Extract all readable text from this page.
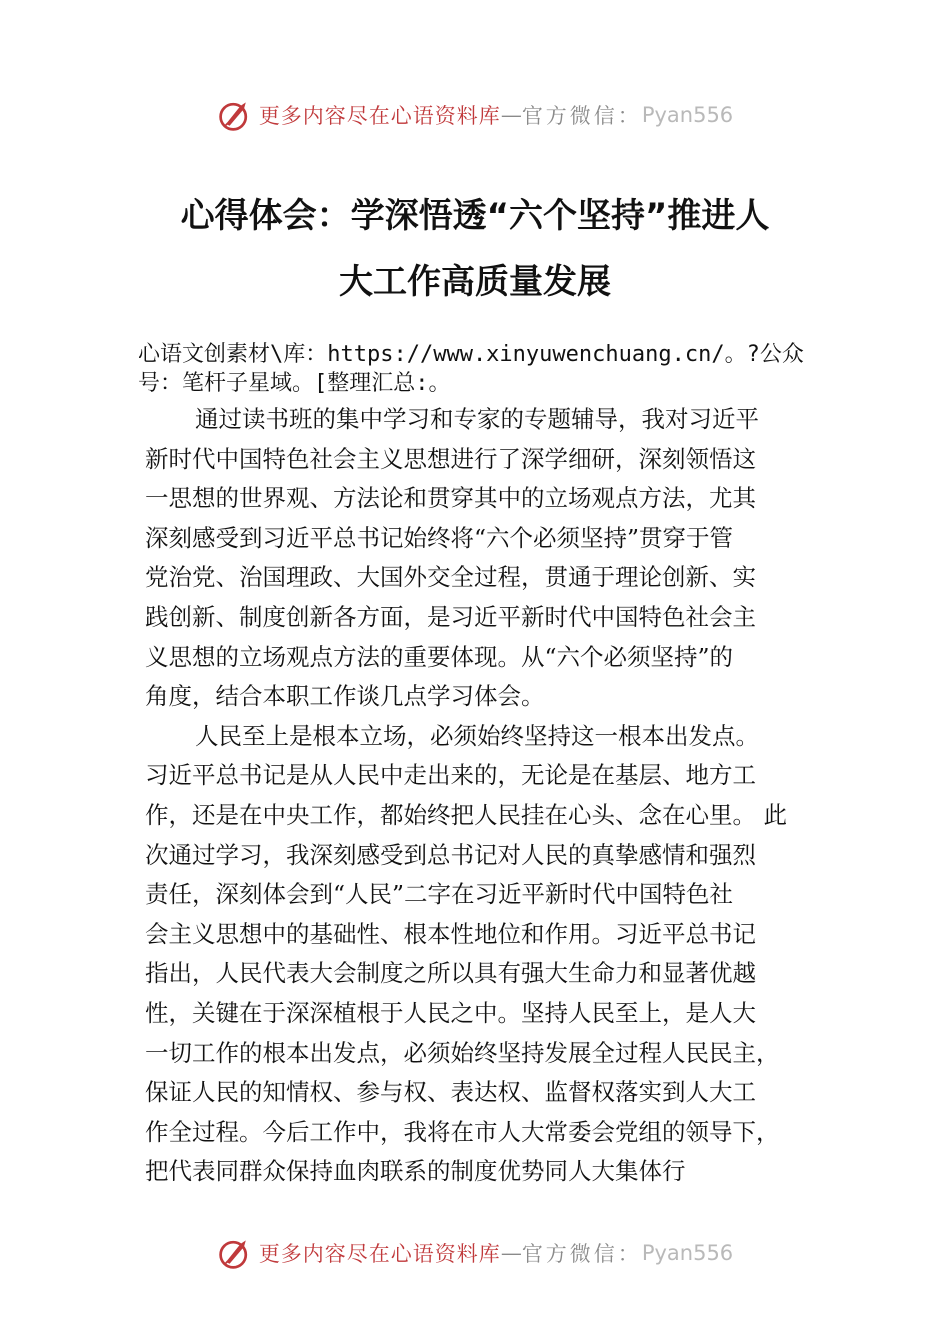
更多内容尽在心语资料库 — 官方微信： Pyan556
心得体会：学深悟透“六个坚持”推进人
大工作高质量发展
心语文创素材\库：https://www.xinyuwenchuang.cn/。?公众
号：笔杆子星域。[整理汇总:。
通过读书班的集中学习和专家的专题辅导，我对习近平
新时代中国特色社会主义思想进行了深学细研，深刻领悟这
一思想的世界观、方法论和贯穿其中的立场观点方法，尤其
深刻感受到习近平总书记始终将“六个必须坚持”贯穿于管
党治党、治国理政、大国外交全过程，贯通于理论创新、实
践创新、制度创新各方面，是习近平新时代中国特色社会主
义思想的立场观点方法的重要体现。从“六个必须坚持”的
角度，结合本职工作谈几点学习体会。
人民至上是根本立场，必须始终坚持这一根本出发点。
习近平总书记是从人民中走出来的，无论是在基层、地方工
作，还是在中央工作，都始终把人民挂在心头、念在心里。 此
次通过学习，我深刻感受到总书记对人民的真挚感情和强烈
责任，深刻体会到“人民”二字在习近平新时代中国特色社
会主义思想中的基础性、根本性地位和作用。习近平总书记
指出，人民代表大会制度之所以具有强大生命力和显著优越
性，关键在于深深植根于人民之中。坚持人民至上，是人大
一切工作的根本出发点，必须始终坚持发展全过程人民民主，
保证人民的知情权、参与权、表达权、监督权落实到人大工
作全过程。今后工作中，我将在市人大常委会党组的领导下，
把代表同群众保持血肉联系的制度优势同人大集体行
更多内容尽在心语资料库 — 官方微信： Pyan556
